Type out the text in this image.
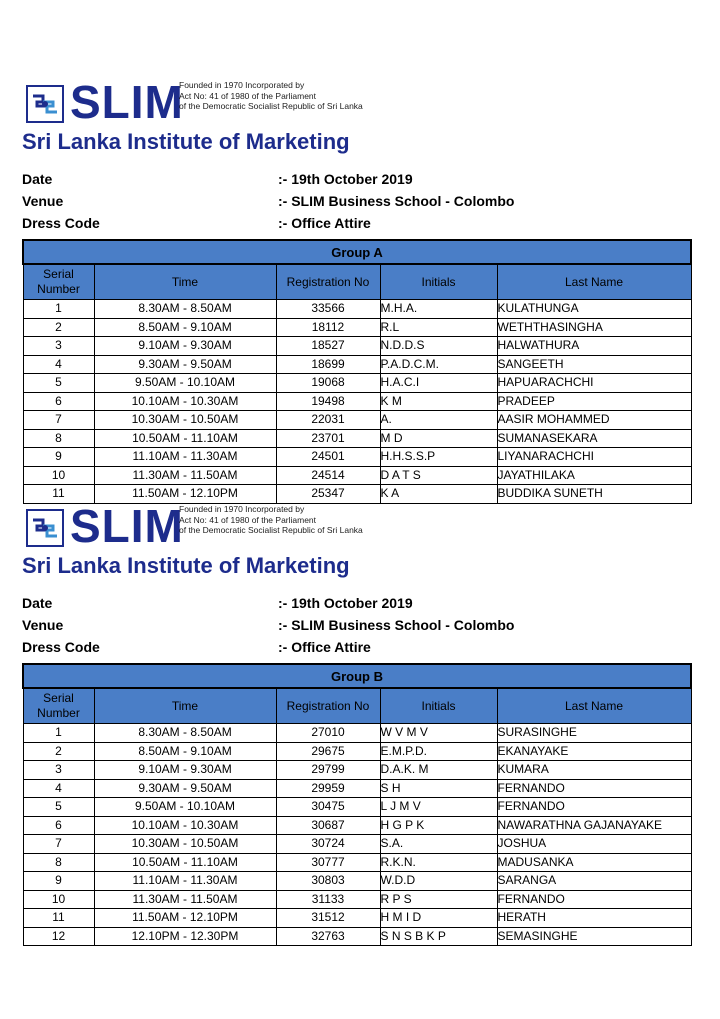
SLIM
Founded in 1970 Incorporated by
Act No: 41 of 1980 of the Parliament
of the Democratic Socialist Republic of Sri Lanka
Sri Lanka Institute of Marketing
Date	:- 19th October 2019
Venue	:- SLIM Business School - Colombo
Dress Code	:- Office Attire
Group A				
Serial
Number	Time	Registration No	Initials	Last Name
1	8.30AM - 8.50AM	33566	M.H.A.	KULATHUNGA
2	8.50AM - 9.10AM	18112	R.L	WETHTHASINGHA
3	9.10AM - 9.30AM	18527	N.D.D.S	HALWATHURA
4	9.30AM - 9.50AM	18699	P.A.D.C.M.	SANGEETH
5	9.50AM - 10.10AM	19068	H.A.C.I	HAPUARACHCHI
6	10.10AM - 10.30AM	19498	K M	PRADEEP
7	10.30AM - 10.50AM	22031	A.	AASIR MOHAMMED
8	10.50AM - 11.10AM	23701	M D	SUMANASEKARA
9	11.10AM - 11.30AM	24501	H.H.S.S.P	LIYANARACHCHI
10	11.30AM - 11.50AM	24514	D A T S	JAYATHILAKA
11	11.50AM - 12.10PM	25347	K A	BUDDIKA SUNETH
SLIM
Founded in 1970 Incorporated by
Act No: 41 of 1980 of the Parliament
of the Democratic Socialist Republic of Sri Lanka
Sri Lanka Institute of Marketing
Date	:- 19th October 2019
Venue	:- SLIM Business School - Colombo
Dress Code	:- Office Attire
Group B				
Serial
Number	Time	Registration No	Initials	Last Name
1	8.30AM - 8.50AM	27010	W V M V	SURASINGHE
2	8.50AM - 9.10AM	29675	E.M.P.D.	EKANAYAKE
3	9.10AM - 9.30AM	29799	D.A.K. M	KUMARA
4	9.30AM - 9.50AM	29959	S H	FERNANDO
5	9.50AM - 10.10AM	30475	L J M V	FERNANDO
6	10.10AM - 10.30AM	30687	H G P K	NAWARATHNA GAJANAYAKE
7	10.30AM - 10.50AM	30724	S.A.	JOSHUA
8	10.50AM - 11.10AM	30777	R.K.N.	MADUSANKA
9	11.10AM - 11.30AM	30803	W.D.D	SARANGA
10	11.30AM - 11.50AM	31133	R P S	FERNANDO
11	11.50AM - 12.10PM	31512	H M I D	HERATH
12	12.10PM - 12.30PM	32763	S N S B K P	SEMASINGHE
